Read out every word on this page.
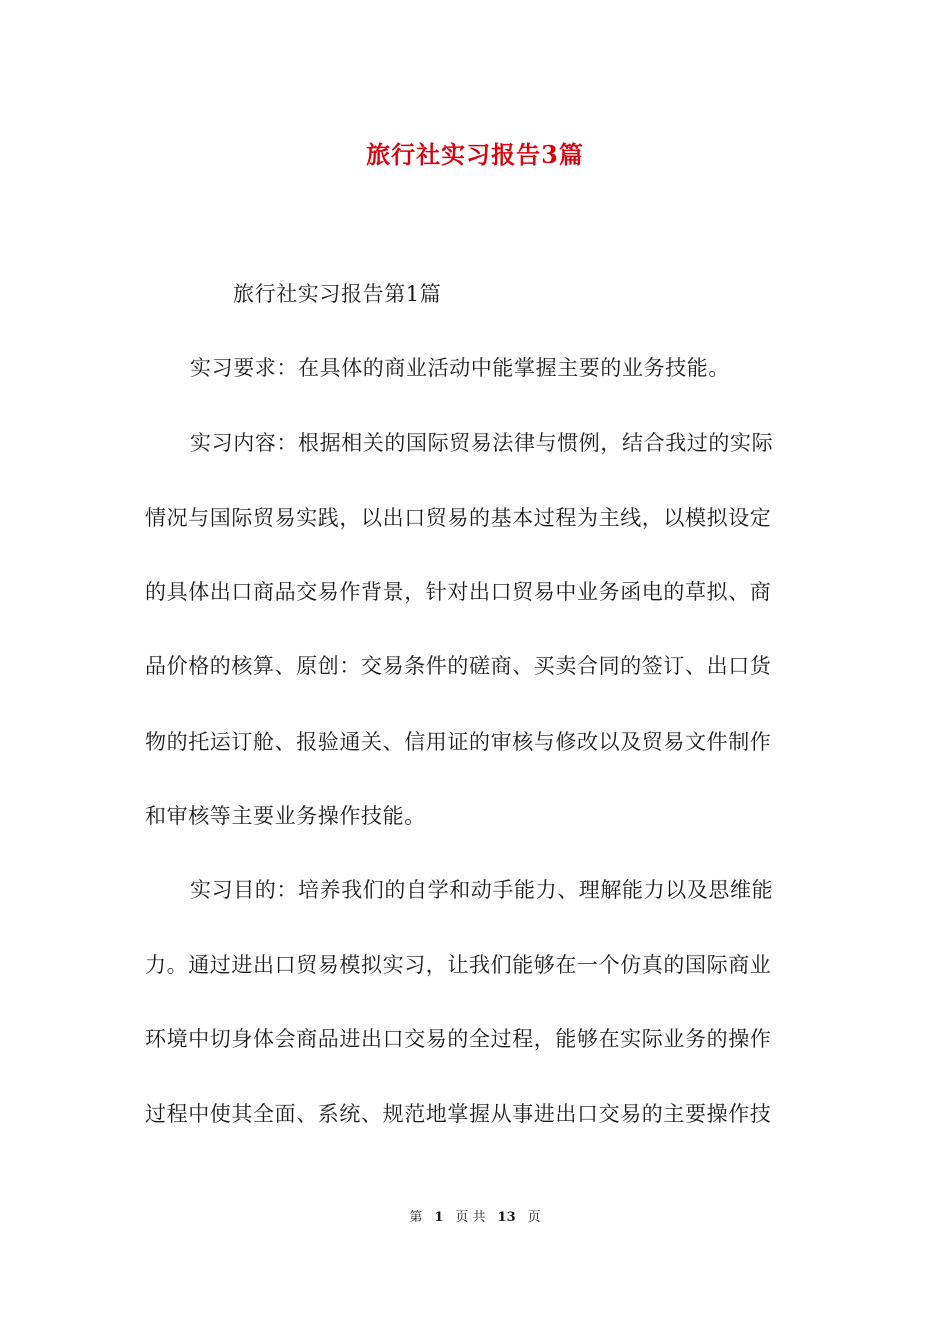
旅行社实习报告3篇
旅行社实习报告第1篇
实习要求：在具体的商业活动中能掌握主要的业务技能。
实习内容：根据相关的国际贸易法律与惯例，结合我过的实际
情况与国际贸易实践，以出口贸易的基本过程为主线，以模拟设定
的具体出口商品交易作背景，针对出口贸易中业务函电的草拟、商
品价格的核算、原创：交易条件的磋商、买卖合同的签订、出口货
物的托运订舱、报验通关、信用证的审核与修改以及贸易文件制作
和审核等主要业务操作技能。
实习目的：培养我们的自学和动手能力、理解能力以及思维能
力。通过进出口贸易模拟实习，让我们能够在一个仿真的国际商业
环境中切身体会商品进出口交易的全过程，能够在实际业务的操作
过程中使其全面、系统、规范地掌握从事进出口交易的主要操作技
第 1 页 共 13 页
